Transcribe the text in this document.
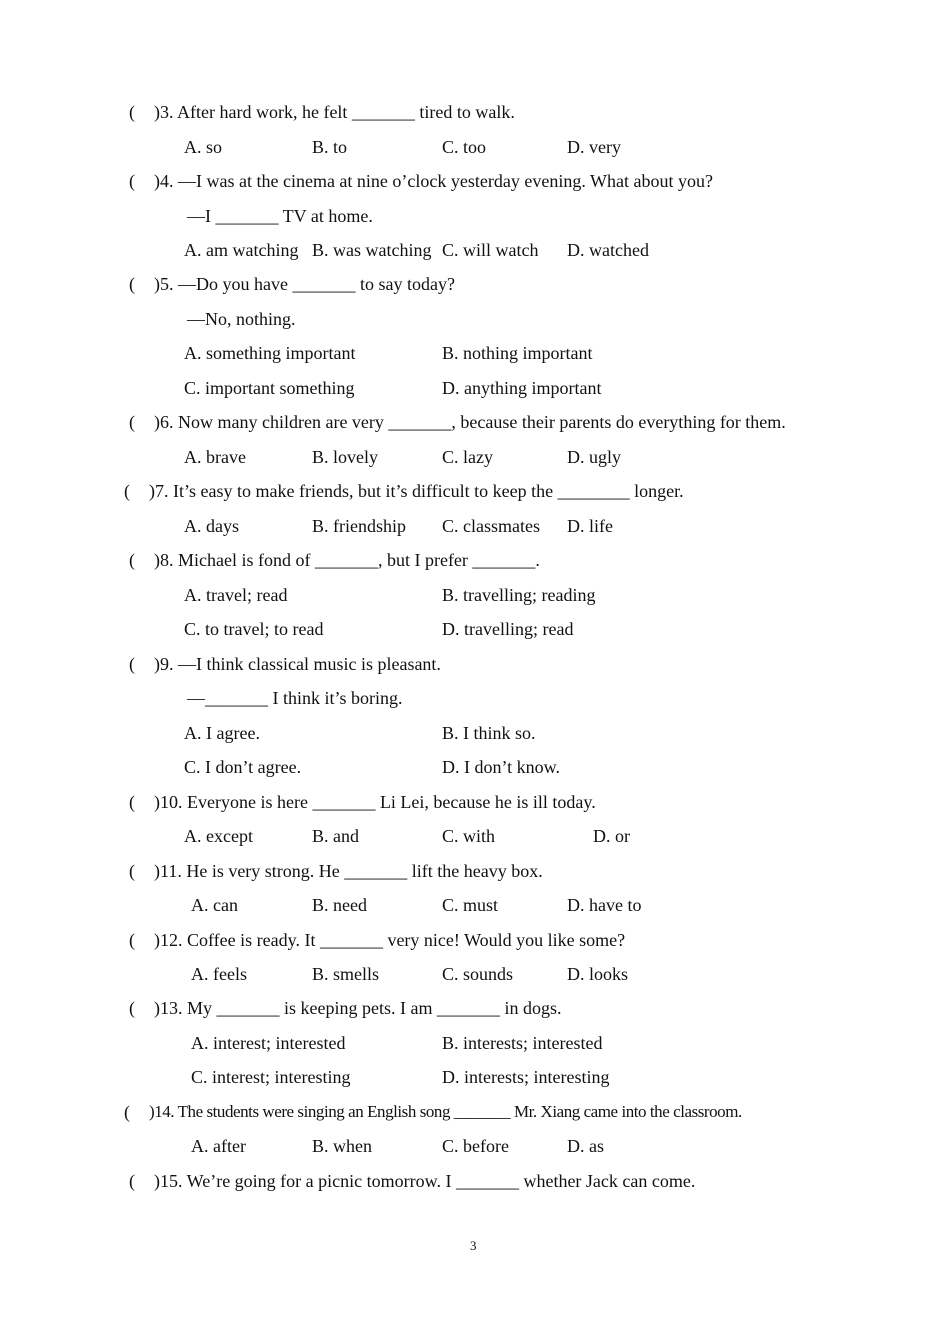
( )3. After hard work, he felt _______ tired to walk.
A. so	B. to	C. too	D. very
( )4. —I was at the cinema at nine o’clock yesterday evening. What about you?
—I _______ TV at home.
A. am watching B. was watching C. will watch D. watched
( )5. —Do you have _______ to say today?
—No, nothing.
A. something important	B. nothing important
C. important something	D. anything important
( )6. Now many children are very _______, because their parents do everything for them.
A. brave	B. lovely	C. lazy	D. ugly
( )7. It’s easy to make friends, but it’s difficult to keep the ________ longer.
A. days	B. friendship C. classmates D. life
( )8. Michael is fond of _______, but I prefer _______.
A. travel; read	B. travelling; reading
C. to travel; to read	D. travelling; read
( )9. —I think classical music is pleasant.
—_______ I think it’s boring.
A. I agree.	B. I think so.
C. I don’t agree.	D. I don’t know.
( )10. Everyone is here _______ Li Lei, because he is ill today.
A. except	B. and	C. with	D. or
( )11. He is very strong. He _______ lift the heavy box.
A. can	B. need	C. must	D. have to
( )12. Coffee is ready. It _______ very nice! Would you like some?
A. feels	B. smells	C. sounds	D. looks
( )13. My _______ is keeping pets. I am _______ in dogs.
A. interest; interested	B. interests; interested
C. interest; interesting	D. interests; interesting
( )14. The students were singing an English song _______ Mr. Xiang came into the classroom.
A. after	B. when	C. before	D. as
( )15. We’re going for a picnic tomorrow. I _______ whether Jack can come.
3
